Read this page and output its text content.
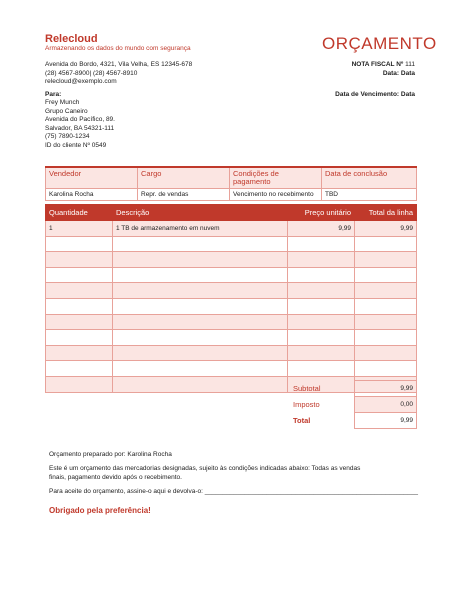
Relecloud
Armazenando os dados do mundo com segurança	ORÇAMENTO
Avenida do Bordo, 4321, Vila Velha, ES 12345-678
(28) 4567-8900| (28) 4567-8910
relecloud@exemplo.com
NOTA FISCAL Nº 111
Data: Data
Para:	Data de Vencimento: Data
Frey Munch
Grupo Caneiro
Avenida do Pacífico, 89.
Salvador, BA 54321-111
(75) 7890-1234
ID do cliente Nº 0549
Vendedor	Cargo	Condições de pagamento	Data de conclusão
Karolina Rocha	Repr. de vendas	Vencimento no recebimento	TBD
Quantidade	Descrição	Preço unitário	Total da linha
1	1 TB de armazenamento em nuvem	9,99	9,99

Subtotal	9,99
Imposto	0,00
Total	9,99
Orçamento preparado por: Karolina Rocha
Este é um orçamento das mercadorias designadas, sujeito às condições indicadas abaixo: Todas as vendas finais, pagamento devido após o recebimento.
Para aceite do orçamento, assine-o aqui e devolva-o: ___________________________________________________________
Obrigado pela preferência!
